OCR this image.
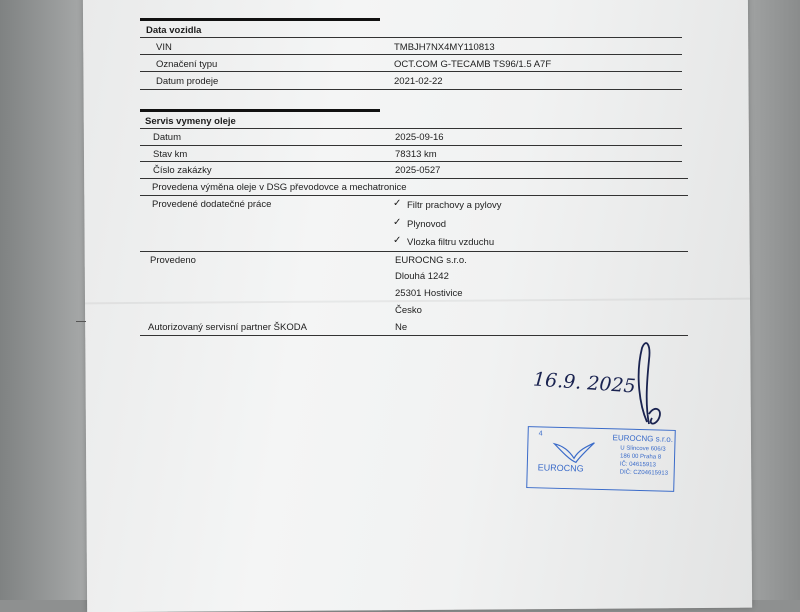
Data vozidla
VIN	TMBJH7NX4MY110813
Označení typu	OCT.COM G-TECAMB TS96/1.5 A7F
Datum prodeje	2021-02-22
Servis vymeny oleje
Datum	2025-09-16
Stav km	78313 km
Číslo zakázky	2025-0527
Provedena výměna oleje v DSG převodovce a mechatronice
Provedené dodatečné práce	✓ Filtr prachovy a pylovy
✓ Plynovod
✓ Vlozka filtru vzduchu
Provedeno	EUROCNG s.r.o.
Dlouhá 1242
25301 Hostivice
Česko
Autorizovaný servisní partner ŠKODA	Ne
16.9. 2025
4	EUROCNG s.r.o.
U Slincove 606/3
186 00 Praha 8
IČ: 04615913
DIČ: CZ04615913
EUROCNG
